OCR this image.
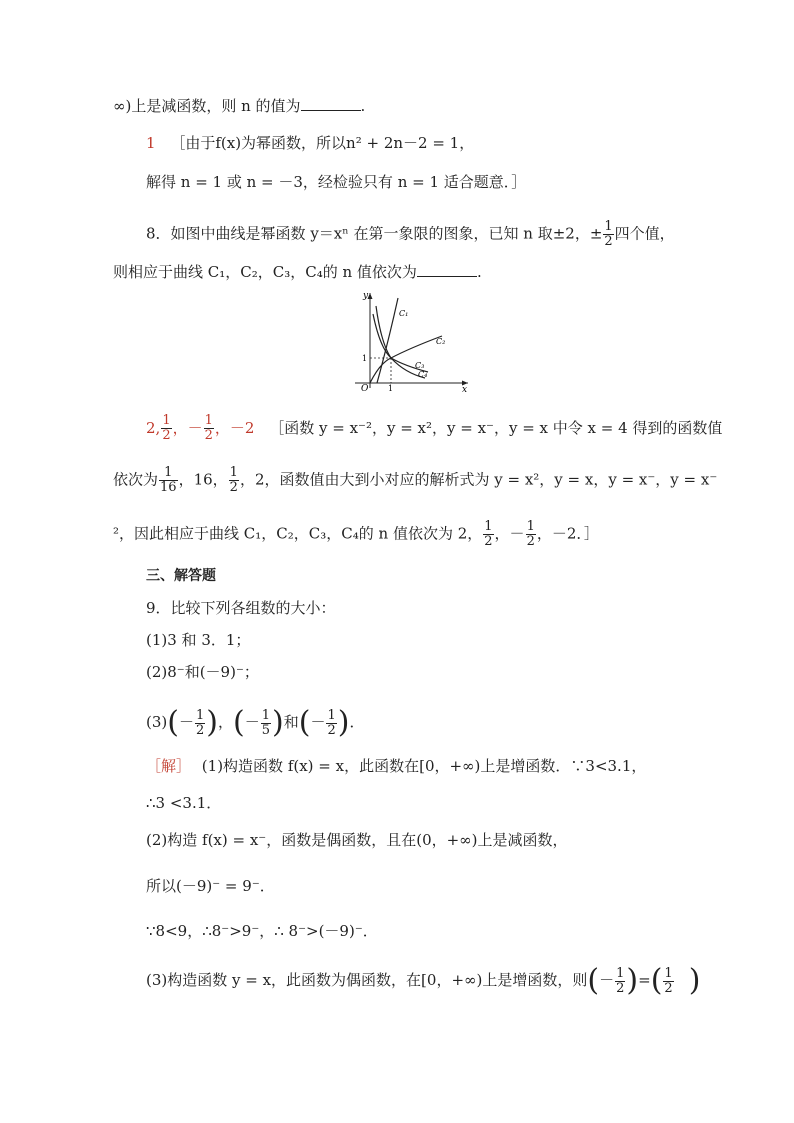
∞)上是减函数，则 n 的值为	.
1 ［由于f(x)为幂函数，所以n² + 2n－2 = 1，
解得 n = 1 或 n = －3，经检验只有 n = 1 适合题意．］
8．如图中曲线是幂函数 y＝xⁿ 在第一象限的图象，已知 n 取±2，± $\frac{1}{2}$ 四个值，
则相应于曲线 C₁，C₂，C₃，C₄的 n 值依次为	.
y
x
O 1
1
C₁
C₂
C₃
C₄
2, $\frac{1}{2}$ ，－ $\frac{1}{2}$ ，－2 ［函数 y = x⁻²，y = x²，y = x⁻，y = x 中令 x = 4 得到的函数值
依次为 $\frac{1}{16}$ ，16， $\frac{1}{2}$ ，2，函数值由大到小对应的解析式为 y = x²，y = x，y = x⁻，y = x⁻
²，因此相应于曲线 C₁，C₂，C₃，C₄的 n 值依次为 2， $\frac{1}{2}$ ，－ $\frac{1}{2}$ ，－2．］
三、解答题
9．比较下列各组数的大小：
(1)3 和 3．1；
(2)8⁻和(－9)⁻；
$(3)(- \frac{1}{2}$ )，(－ $\frac{1}{5}$ )和(－ $\frac{1}{2}$ )．
［解］ (1)构造函数 f(x) = x，此函数在[0，+∞)上是增函数．∵3<3.1，
∴3 <3.1．
(2)构造 f(x) = x⁻，函数是偶函数，且在(0，+∞)上是减函数，
所以(－9)⁻ = 9⁻．
∵8<9，∴8⁻>9⁻，∴ 8⁻>(－9)⁻．
(3)构造函数 y = x，此函数为偶函数，在[0，+∞)上是增函数，则(－ $\frac{1}{2}$ )=( $\frac{1}{2}$ )
